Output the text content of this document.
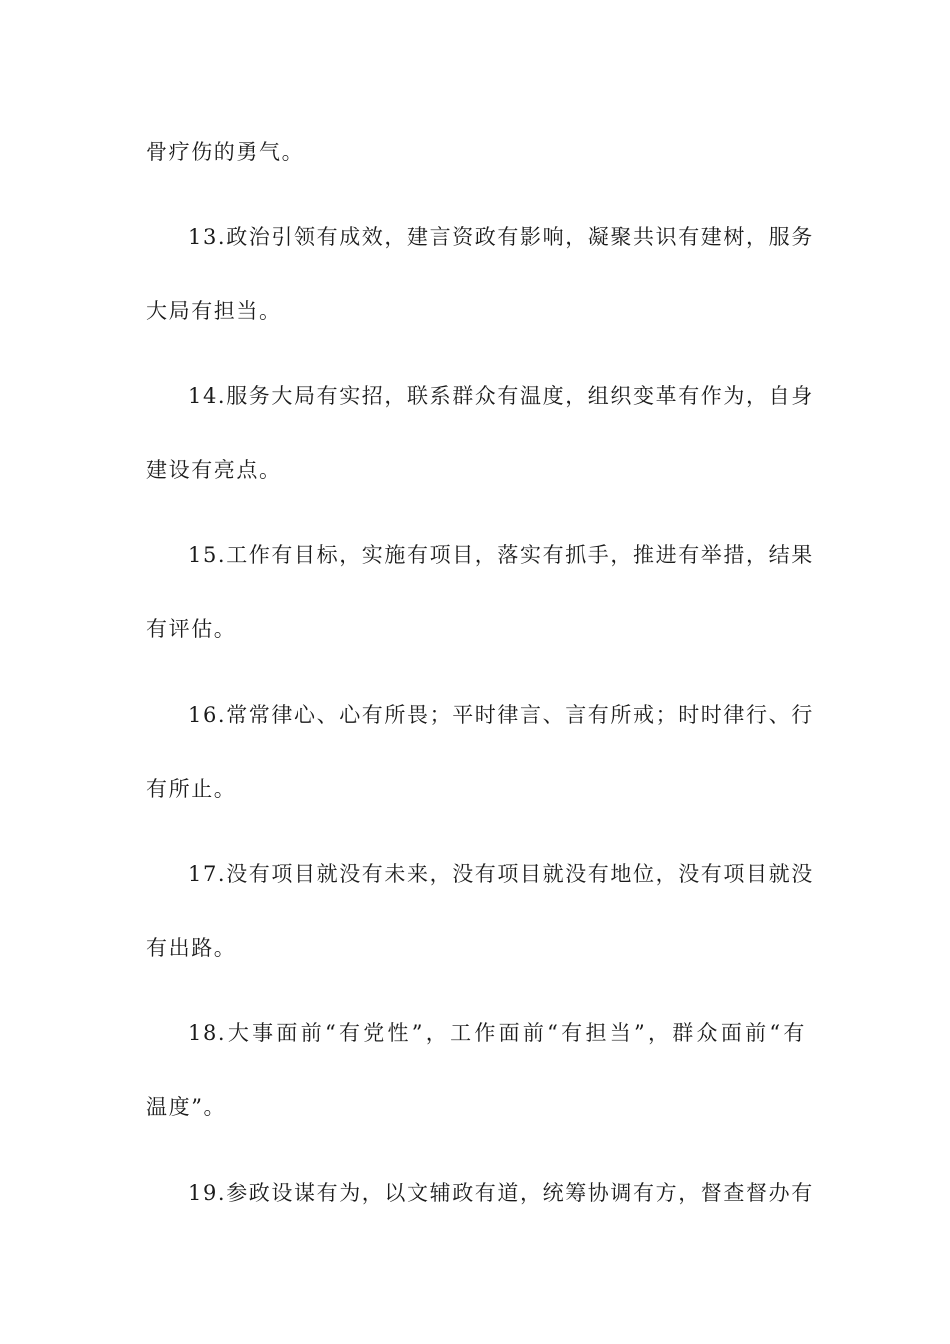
骨疗伤的勇气。
13.政治引领有成效，建言资政有影响，凝聚共识有建树，服务
大局有担当。
14.服务大局有实招，联系群众有温度，组织变革有作为，自身
建设有亮点。
15.工作有目标，实施有项目，落实有抓手，推进有举措，结果
有评估。
16.常常律心、心有所畏；平时律言、言有所戒；时时律行、行
有所止。
17.没有项目就没有未来，没有项目就没有地位，没有项目就没
有出路。
18.大事面前“有党性”，工作面前“有担当”，群众面前“有
温度”。
19.参政设谋有为，以文辅政有道，统筹协调有方，督查督办有
